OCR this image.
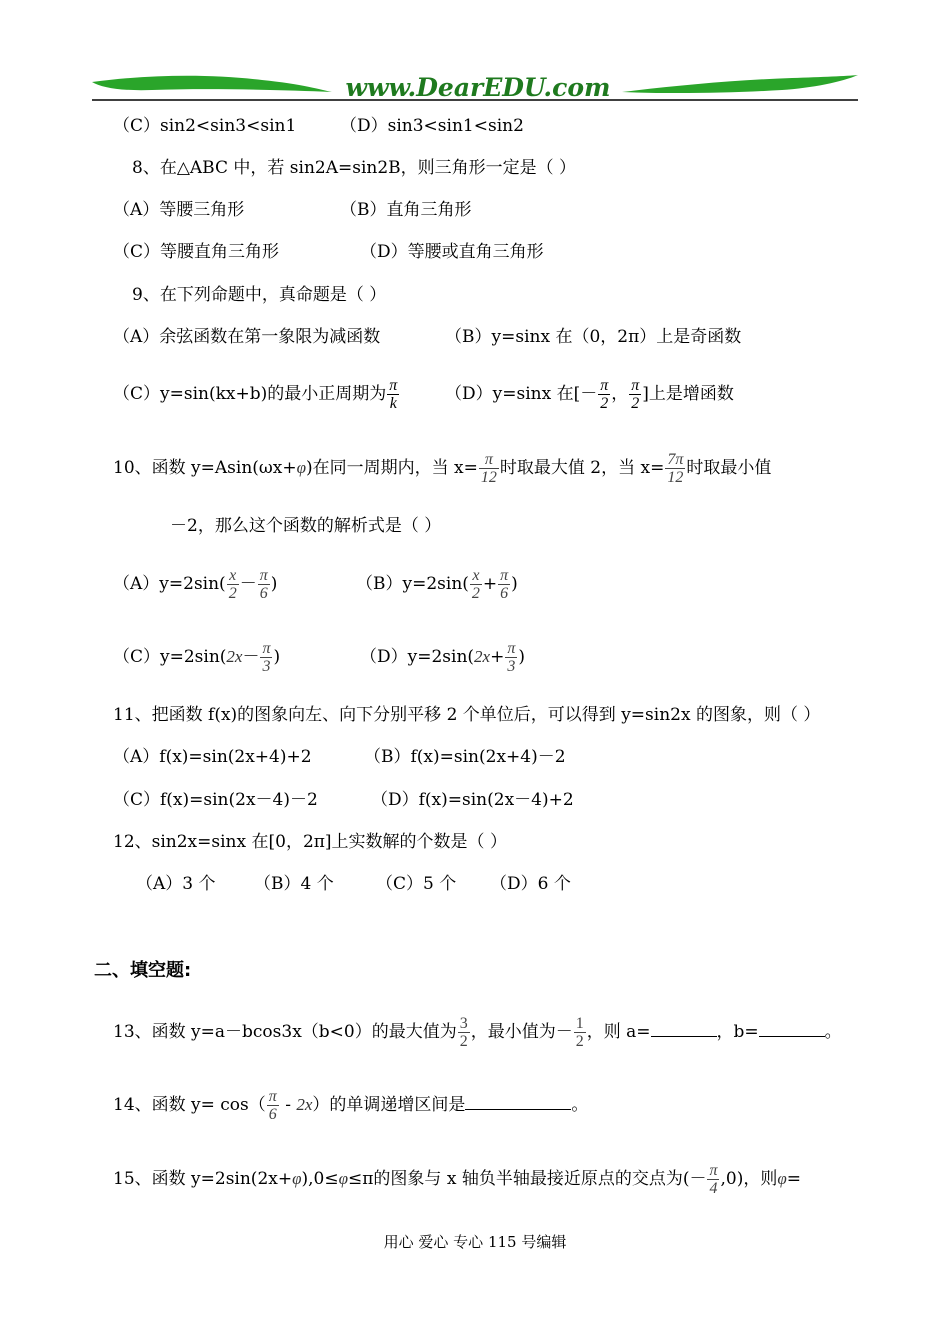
www.DearEDU.com
（C）sin2<sin3<sin1	（D）sin3<sin1<sin2
8、在△ABC 中，若 sin2A=sin2B，则三角形一定是（ ）
（A）等腰三角形	（B）直角三角形
（C）等腰直角三角形	（D）等腰或直角三角形
9、在下列命题中，真命题是（ ）
（A）余弦函数在第一象限为减函数	（B）y=sinx 在（0，2π）上是奇函数
（C）y=sin(kx+b)的最小正周期为 $\frac{\pi}{k}$	（D）y=sinx 在[－ $\frac{\pi}{2}$ ， $\frac{\pi}{2}$ ]上是增函数
10、函数 y=Asin(ωx+φ)在同一周期内，当 $x= \frac{\pi}{12}$ 时取最大值 2，当 $x= \frac{7\pi}{12}$ 时取最小值
－2，那么这个函数的解析式是（ ）
$(A)y=2\sin( \frac{x}{2} - \frac{\pi}{6}$ )	$(B)y=2\sin( \frac{x}{2} + \frac{\pi}{6}$ )
$(C)y=2\sin(2x- \frac{\pi}{3}$ )	$(D)y=2\sin(2x+ \frac{\pi}{3}$ )
11、把函数 f(x)的图象向左、向下分别平移 2 个单位后，可以得到 y=sin2x 的图象，则（ ）
（A）f(x)=sin(2x+4)+2	（B）f(x)=sin(2x+4)－2
（C）f(x)=sin(2x－4)－2	（D）f(x)=sin(2x－4)+2
12、sin2x=sinx 在[0，2π]上实数解的个数是（ ）
（A）3 个 （B）4 个 （C）5 个 （D）6 个
二、填空题:
13、函数 y=a－bcos3x（b<0）的最大值为 $\frac{3}{2}$ ，最小值为－ $\frac{1}{2}$ ，则 a=	，b=	。
14、函数 $y= \cos( \frac{\pi}{6} - 2x)$的单调递增区间是	。
15、函数 y=2sin(2x+φ),0≤φ≤π的图象与 x 轴负半轴最接近原点的交点为(－ $\frac{\pi}{4} ,0$)，则φ=
用心 爱心 专心 115 号编辑
